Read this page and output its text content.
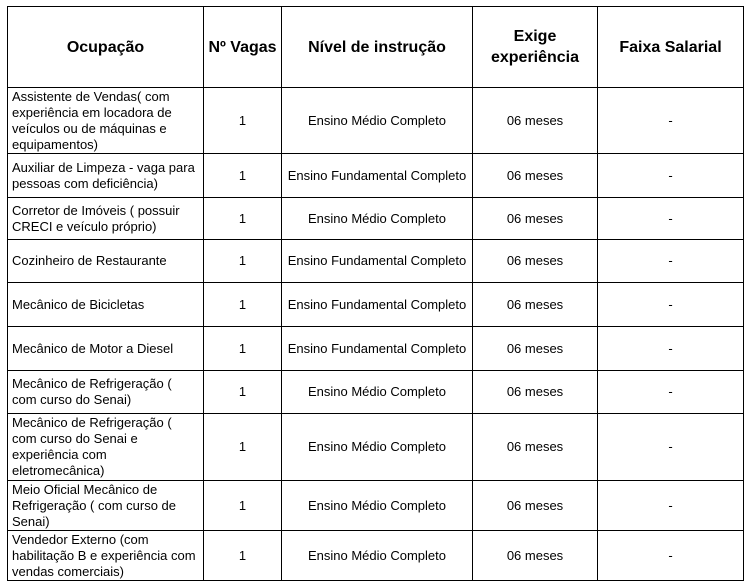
Ocupação	Nº Vagas	Nível de instrução	Exige experiência	Faixa Salarial
Assistente de Vendas( com experiência em locadora de veículos ou de máquinas e equipamentos)	1	Ensino Médio Completo	06 meses	-
Auxiliar de Limpeza - vaga para pessoas com deficiência)	1	Ensino Fundamental Completo	06 meses	-
Corretor de Imóveis ( possuir CRECI e veículo próprio)	1	Ensino Médio Completo	06 meses	-
Cozinheiro de Restaurante	1	Ensino Fundamental Completo	06 meses	-
Mecânico de Bicicletas	1	Ensino Fundamental Completo	06 meses	-
Mecânico de Motor a Diesel	1	Ensino Fundamental Completo	06 meses	-
Mecânico de Refrigeração ( com curso do Senai)	1	Ensino Médio Completo	06 meses	-
Mecânico de Refrigeração ( com curso do Senai e experiência com eletromecânica)	1	Ensino Médio Completo	06 meses	-
Meio Oficial Mecânico de Refrigeração ( com curso de Senai)	1	Ensino Médio Completo	06 meses	-
Vendedor Externo (com habilitação B e experiência com vendas comerciais)	1	Ensino Médio Completo	06 meses	-
